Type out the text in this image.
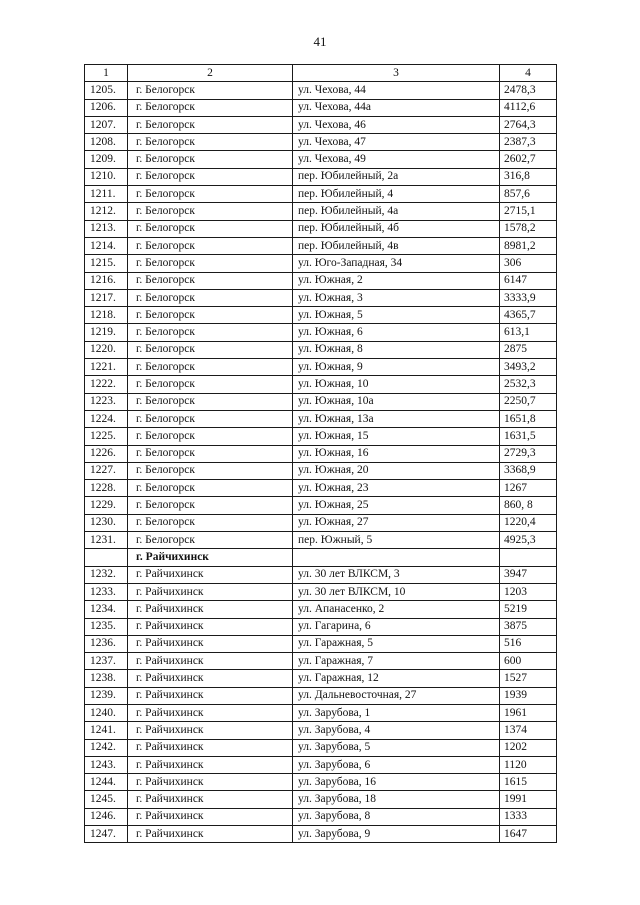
41
1	2	3	4
1205.	г. Белогорск	ул. Чехова, 44	2478,3
1206.	г. Белогорск	ул. Чехова, 44а	4112,6
1207.	г. Белогорск	ул. Чехова, 46	2764,3
1208.	г. Белогорск	ул. Чехова, 47	2387,3
1209.	г. Белогорск	ул. Чехова, 49	2602,7
1210.	г. Белогорск	пер. Юбилейный, 2а	316,8
1211.	г. Белогорск	пер. Юбилейный, 4	857,6
1212.	г. Белогорск	пер. Юбилейный, 4а	2715,1
1213.	г. Белогорск	пер. Юбилейный, 4б	1578,2
1214.	г. Белогорск	пер. Юбилейный, 4в	8981,2
1215.	г. Белогорск	ул. Юго-Западная, 34	306
1216.	г. Белогорск	ул. Южная, 2	6147
1217.	г. Белогорск	ул. Южная, 3	3333,9
1218.	г. Белогорск	ул. Южная, 5	4365,7
1219.	г. Белогорск	ул. Южная, 6	613,1
1220.	г. Белогорск	ул. Южная, 8	2875
1221.	г. Белогорск	ул. Южная, 9	3493,2
1222.	г. Белогорск	ул. Южная, 10	2532,3
1223.	г. Белогорск	ул. Южная, 10а	2250,7
1224.	г. Белогорск	ул. Южная, 13а	1651,8
1225.	г. Белогорск	ул. Южная, 15	1631,5
1226.	г. Белогорск	ул. Южная, 16	2729,3
1227.	г. Белогорск	ул. Южная, 20	3368,9
1228.	г. Белогорск	ул. Южная, 23	1267
1229.	г. Белогорск	ул. Южная, 25	860, 8
1230.	г. Белогорск	ул. Южная, 27	1220,4
1231.	г. Белогорск	пер. Южный, 5	4925,3
	г. Райчихинск		
1232.	г. Райчихинск	ул. 30 лет ВЛКСМ, 3	3947
1233.	г. Райчихинск	ул. 30 лет ВЛКСМ, 10	1203
1234.	г. Райчихинск	ул. Апанасенко, 2	5219
1235.	г. Райчихинск	ул. Гагарина, 6	3875
1236.	г. Райчихинск	ул. Гаражная, 5	516
1237.	г. Райчихинск	ул. Гаражная, 7	600
1238.	г. Райчихинск	ул. Гаражная, 12	1527
1239.	г. Райчихинск	ул. Дальневосточная, 27	1939
1240.	г. Райчихинск	ул. Зарубова, 1	1961
1241.	г. Райчихинск	ул. Зарубова, 4	1374
1242.	г. Райчихинск	ул. Зарубова, 5	1202
1243.	г. Райчихинск	ул. Зарубова, 6	1120
1244.	г. Райчихинск	ул. Зарубова, 16	1615
1245.	г. Райчихинск	ул. Зарубова, 18	1991
1246.	г. Райчихинск	ул. Зарубова, 8	1333
1247.	г. Райчихинск	ул. Зарубова, 9	1647
